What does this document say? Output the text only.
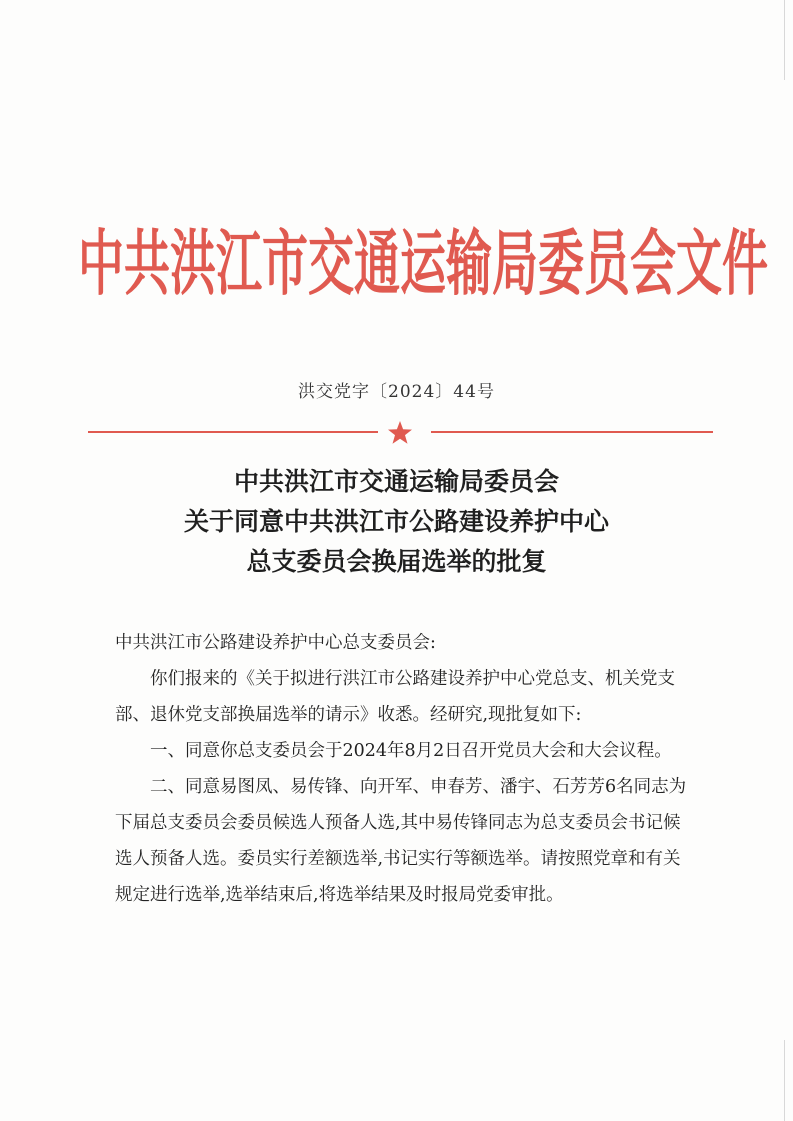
中共洪江市交通运输局委员会文件
洪交党字〔2024〕44号
中共洪江市交通运输局委员会
关于同意中共洪江市公路建设养护中心
总支委员会换届选举的批复

中共洪江市公路建设养护中心总支委员会:

你们报来的《关于拟进行洪江市公路建设养护中心党总支、机关党支部、退休党支部换届选举的请示》收悉。经研究,现批复如下:

一、同意你总支委员会于2024年8月2日召开党员大会和大会议程。

二、同意易图凤、易传锋、向开军、申春芳、潘宇、石芳芳6名同志为下届总支委员会委员候选人预备人选,其中易传锋同志为总支委员会书记候选人预备人选。委员实行差额选举,书记实行等额选举。请按照党章和有关规定进行选举,选举结束后,将选举结果及时报局党委审批。
